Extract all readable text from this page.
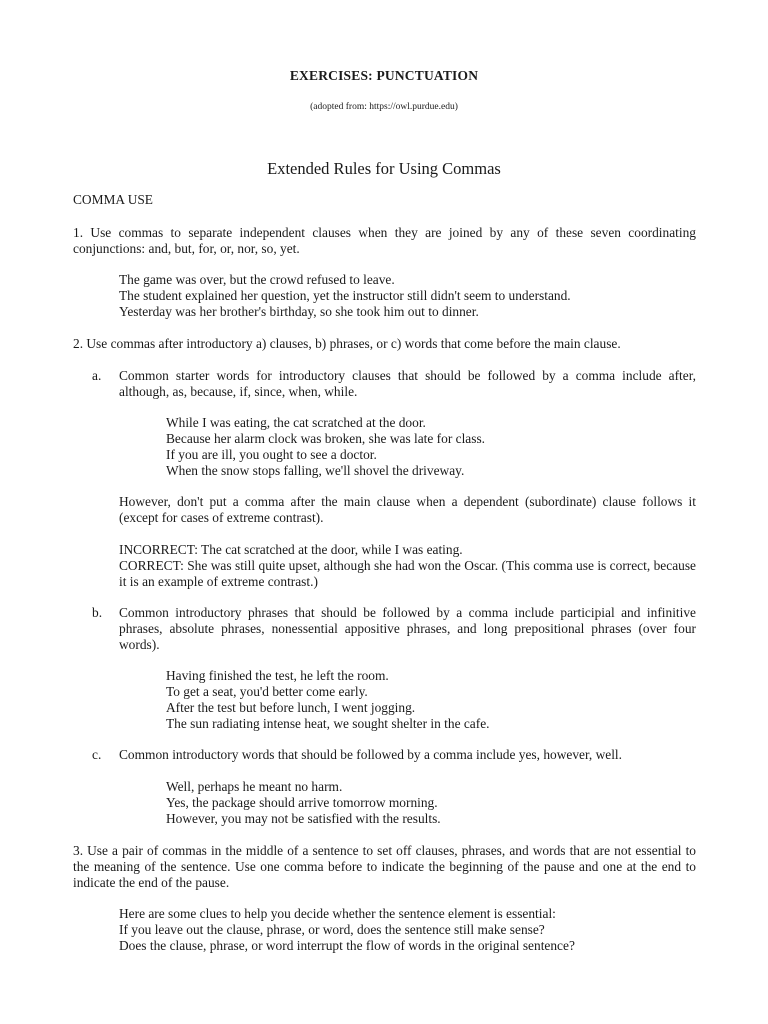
EXERCISES: PUNCTUATION
(adopted from: https://owl.purdue.edu)
Extended Rules for Using Commas
COMMA USE
1. Use commas to separate independent clauses when they are joined by any of these seven coordinating conjunctions: and, but, for, or, nor, so, yet.
The game was over, but the crowd refused to leave.
The student explained her question, yet the instructor still didn't seem to understand.
Yesterday was her brother's birthday, so she took him out to dinner.
2. Use commas after introductory a) clauses, b) phrases, or c) words that come before the main clause.
a. Common starter words for introductory clauses that should be followed by a comma include after, although, as, because, if, since, when, while.
While I was eating, the cat scratched at the door.
Because her alarm clock was broken, she was late for class.
If you are ill, you ought to see a doctor.
When the snow stops falling, we'll shovel the driveway.
However, don't put a comma after the main clause when a dependent (subordinate) clause follows it (except for cases of extreme contrast).
INCORRECT: The cat scratched at the door, while I was eating.
CORRECT: She was still quite upset, although she had won the Oscar. (This comma use is correct, because it is an example of extreme contrast.)
b. Common introductory phrases that should be followed by a comma include participial and infinitive phrases, absolute phrases, nonessential appositive phrases, and long prepositional phrases (over four words).
Having finished the test, he left the room.
To get a seat, you'd better come early.
After the test but before lunch, I went jogging.
The sun radiating intense heat, we sought shelter in the cafe.
c. Common introductory words that should be followed by a comma include yes, however, well.
Well, perhaps he meant no harm.
Yes, the package should arrive tomorrow morning.
However, you may not be satisfied with the results.
3. Use a pair of commas in the middle of a sentence to set off clauses, phrases, and words that are not essential to the meaning of the sentence. Use one comma before to indicate the beginning of the pause and one at the end to indicate the end of the pause.
Here are some clues to help you decide whether the sentence element is essential:
If you leave out the clause, phrase, or word, does the sentence still make sense?
Does the clause, phrase, or word interrupt the flow of words in the original sentence?
